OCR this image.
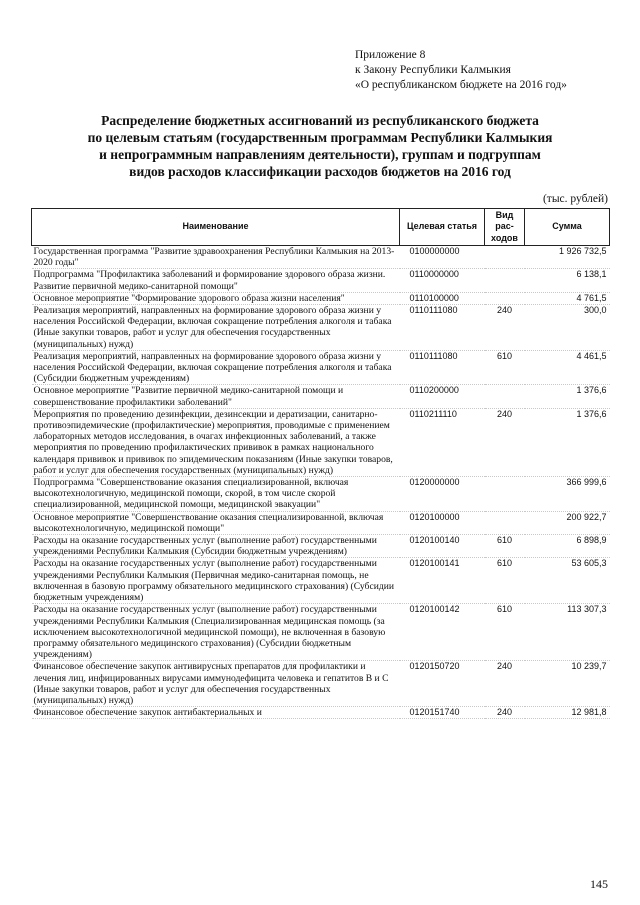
Приложение 8
к Закону Республики Калмыкия
«О республиканском бюджете на 2016 год»
Распределение бюджетных ассигнований из республиканского бюджета
по целевым статьям (государственным программам Республики Калмыкия
и непрограммным направлениям деятельности), группам и подгруппам
видов расходов классификации расходов бюджетов на 2016 год
(тыс. рублей)
Наименование	Целевая статья	Вид рас-ходов	Сумма
Государственная программа "Развитие здравоохранения Республики Калмыкия на 2013-2020 годы"	0100000000		1 926 732,5
Подпрограмма "Профилактика заболеваний и формирование здорового образа жизни. Развитие первичной медико-санитарной помощи"	0110000000		6 138,1
Основное мероприятие "Формирование здорового образа жизни населения"	0110100000		4 761,5
Реализация мероприятий, направленных на формирование здорового образа жизни у населения Российской Федерации, включая сокращение потребления алкоголя и табака (Иные закупки товаров, работ и услуг для обеспечения государственных (муниципальных) нужд)	0110111080	240	300,0
Реализация мероприятий, направленных на формирование здорового образа жизни у населения Российской Федерации, включая сокращение потребления алкоголя и табака (Субсидии бюджетным учреждениям)	0110111080	610	4 461,5
Основное мероприятие "Развитие первичной медико-санитарной помощи и совершенствование профилактики заболеваний"	0110200000		1 376,6
Мероприятия по проведению дезинфекции, дезинсекции и дератизации, санитарно-противоэпидемические (профилактические) мероприятия, проводимые с применением лабораторных методов исследования, в очагах инфекционных заболеваний, а также мероприятия по проведению профилактических прививок в рамках национального календаря прививок и прививок по эпидемическим показаниям (Иные закупки товаров, работ и услуг для обеспечения государственных (муниципальных) нужд)	0110211110	240	1 376,6
Подпрограмма "Совершенствование оказания специализированной, включая высокотехнологичную, медицинской помощи, скорой, в том числе скорой специализированной, медицинской помощи, медицинской эвакуации"	0120000000		366 999,6
Основное мероприятие "Совершенствование оказания специализированной, включая высокотехнологичную, медицинской помощи"	0120100000		200 922,7
Расходы на оказание государственных услуг (выполнение работ) государственными учреждениями Республики Калмыкия (Субсидии бюджетным учреждениям)	0120100140	610	6 898,9
Расходы на оказание государственных услуг (выполнение работ) государственными учреждениями Республики Калмыкия (Первичная медико-санитарная помощь, не включенная в базовую программу обязательного медицинского страхования) (Субсидии бюджетным учреждениям)	0120100141	610	53 605,3
Расходы на оказание государственных услуг (выполнение работ) государственными учреждениями Республики Калмыкия (Специализированная медицинская помощь (за исключением высокотехнологичной медицинской помощи), не включенная в базовую программу обязательного медицинского страхования) (Субсидии бюджетным учреждениям)	0120100142	610	113 307,3
Финансовое обеспечение закупок антивирусных препаратов для профилактики и лечения лиц, инфицированных вирусами иммунодефицита человека и гепатитов B и C (Иные закупки товаров, работ и услуг для обеспечения государственных (муниципальных) нужд)	0120150720	240	10 239,7
Финансовое обеспечение закупок антибактериальных и	0120151740	240	12 981,8
145
